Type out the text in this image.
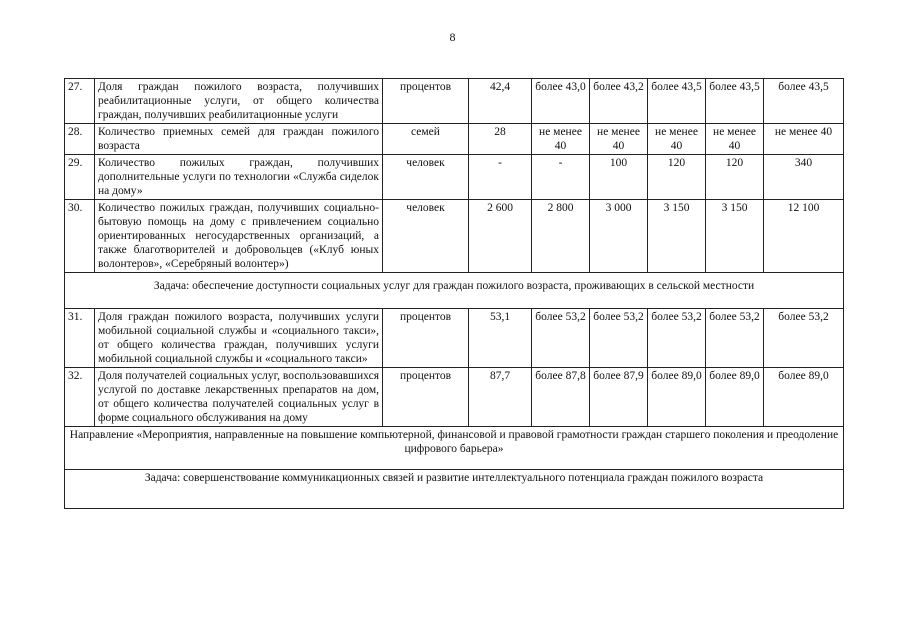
8
27.	Доля граждан пожилого возраста, получивших реабилитационные услуги, от общего количества граждан, получивших реабилитационные услуги	процентов	42,4	более 43,0	более 43,2	более 43,5	более 43,5	более 43,5
28.	Количество приемных семей для граждан пожилого возраста	семей	28	не менее 40	не менее 40	не менее 40	не менее 40	не менее 40
29.	Количество пожилых граждан, получивших дополнительные услуги по технологии «Служба сиделок на дому»	человек	-	-	100	120	120	340
30.	Количество пожилых граждан, получивших социально-бытовую помощь на дому с привлечением социально ориентированных негосударственных организаций, а также благотворителей и добровольцев («Клуб юных волонтеров», «Серебряный волонтер»)	человек	2 600	2 800	3 000	3 150	3 150	12 100
Задача: обеспечение доступности социальных услуг для граждан пожилого возраста, проживающих в сельской местности								
31.	Доля граждан пожилого возраста, получивших услуги мобильной социальной службы и «социального такси», от общего количества граждан, получивших услуги мобильной социальной службы и «социального такси»	процентов	53,1	более 53,2	более 53,2	более 53,2	более 53,2	более 53,2
32.	Доля получателей социальных услуг, воспользовавшихся услугой по доставке лекарственных препаратов на дом, от общего количества получателей социальных услуг в форме социального обслуживания на дому	процентов	87,7	более 87,8	более 87,9	более 89,0	более 89,0	более 89,0
Направление «Мероприятия, направленные на повышение компьютерной, финансовой и правовой грамотности граждан старшего поколения и преодоление цифрового барьера»								
Задача: совершенствование коммуникационных связей и развитие интеллектуального потенциала граждан пожилого возраста								
